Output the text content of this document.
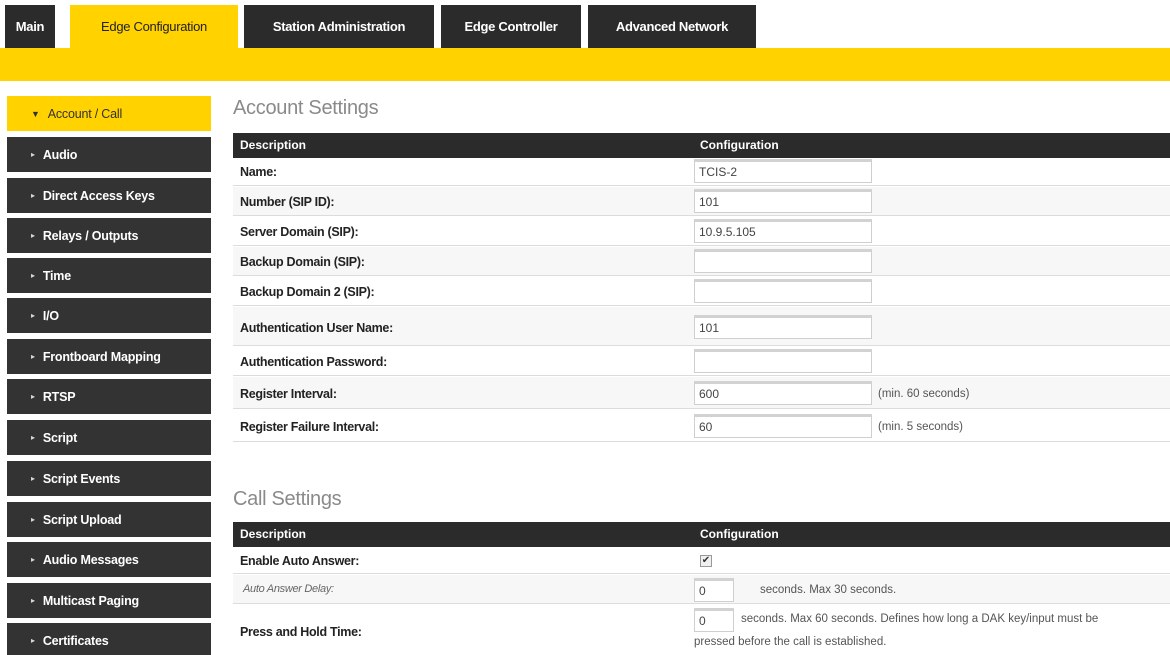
Main	Edge Configuration	Station Administration	Edge Controller	Advanced Network
▼ Account / Call
▸ Audio
▸ Direct Access Keys
▸ Relays / Outputs
▸ Time
▸ I/O
▸ Frontboard Mapping
▸ RTSP
▸ Script
▸ Script Events
▸ Script Upload
▸ Audio Messages
▸ Multicast Paging
▸ Certificates
Account Settings
Description	Configuration
Name:
TCIS-2
Number (SIP ID):
101
Server Domain (SIP):
10.9.5.105
Backup Domain (SIP):
Backup Domain 2 (SIP):
Authentication User Name:
101
Authentication Password:
Register Interval:
600	(min. 60 seconds)
Register Failure Interval:
60	(min. 5 seconds)
Call Settings
Description	Configuration
Enable Auto Answer:	✔
Auto Answer Delay:
0	seconds. Max 30 seconds.
Press and Hold Time:
0
seconds. Max 60 seconds. Defines how long a DAK key/input must be
pressed before the call is established.
